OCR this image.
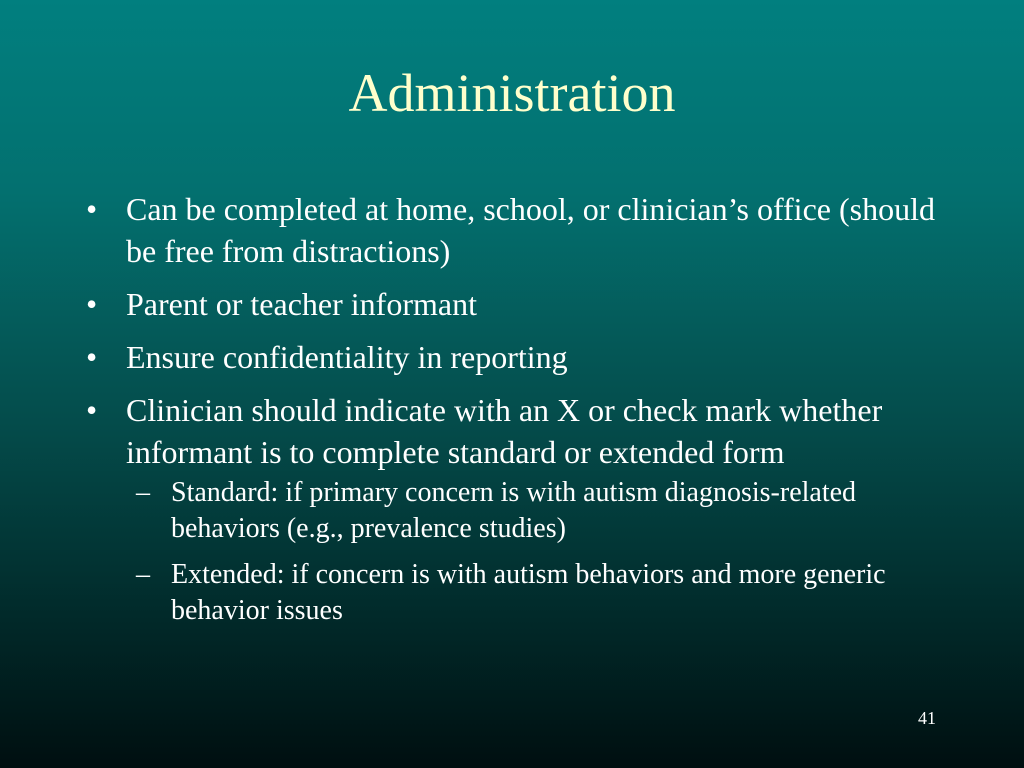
Administration
• Can be completed at home, school, or clinician’s office (should be free from distractions)
• Parent or teacher informant
• Ensure confidentiality in reporting
• Clinician should indicate with an X or check mark whether informant is to complete standard or extended form
– Standard: if primary concern is with autism diagnosis-related behaviors (e.g., prevalence studies)
– Extended: if concern is with autism behaviors and more generic behavior issues
41
